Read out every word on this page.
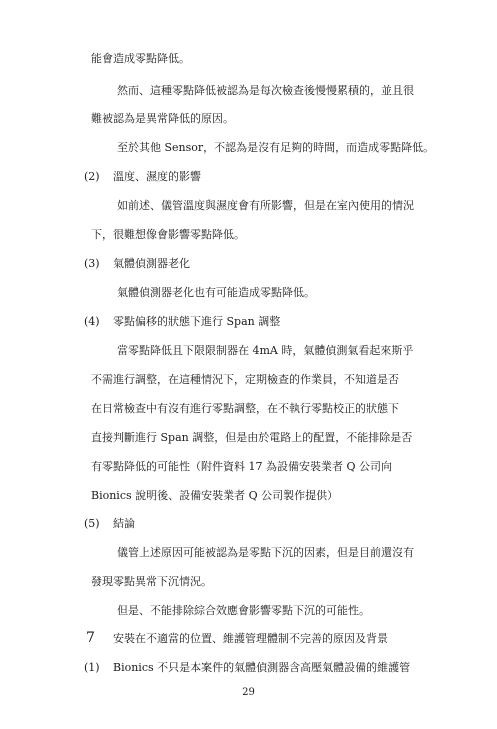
能會造成零點降低。
然而、這種零點降低被認為是每次檢查後慢慢累積的，並且很
難被認為是異常降低的原因。
至於其他 Sensor，不認為是沒有足夠的時間，而造成零點降低。
(2) 溫度、濕度的影響
如前述、儀管溫度與濕度會有所影響，但是在室內使用的情況
下，很難想像會影響零點降低。
(3) 氣體偵測器老化
氣體偵測器老化也有可能造成零點降低。
(4) 零點偏移的狀態下進行 Span 調整
當零點降低且下限限制器在 4mA 時，氣體偵測氣看起來斯乎
不需進行調整，在這種情況下，定期檢查的作業員，不知道是否
在日常檢查中有沒有進行零點調整，在不執行零點校正的狀態下
直接判斷進行 Span 調整，但是由於電路上的配置，不能排除是否
有零點降低的可能性（附件資料 17 為設備安裝業者 Q 公司向
Bionics 說明後、設備安裝業者 Q 公司製作提供）
(5) 結論
儀管上述原因可能被認為是零點下沉的因素，但是目前還沒有
發現零點異常下沉情況。
但是、不能排除綜合效應會影響零點下沉的可能性。
7 安裝在不適當的位置、維護管理體制不完善的原因及背景
(1) Bionics 不只是本案件的氣體偵測器含高壓氣體設備的維護管
29
